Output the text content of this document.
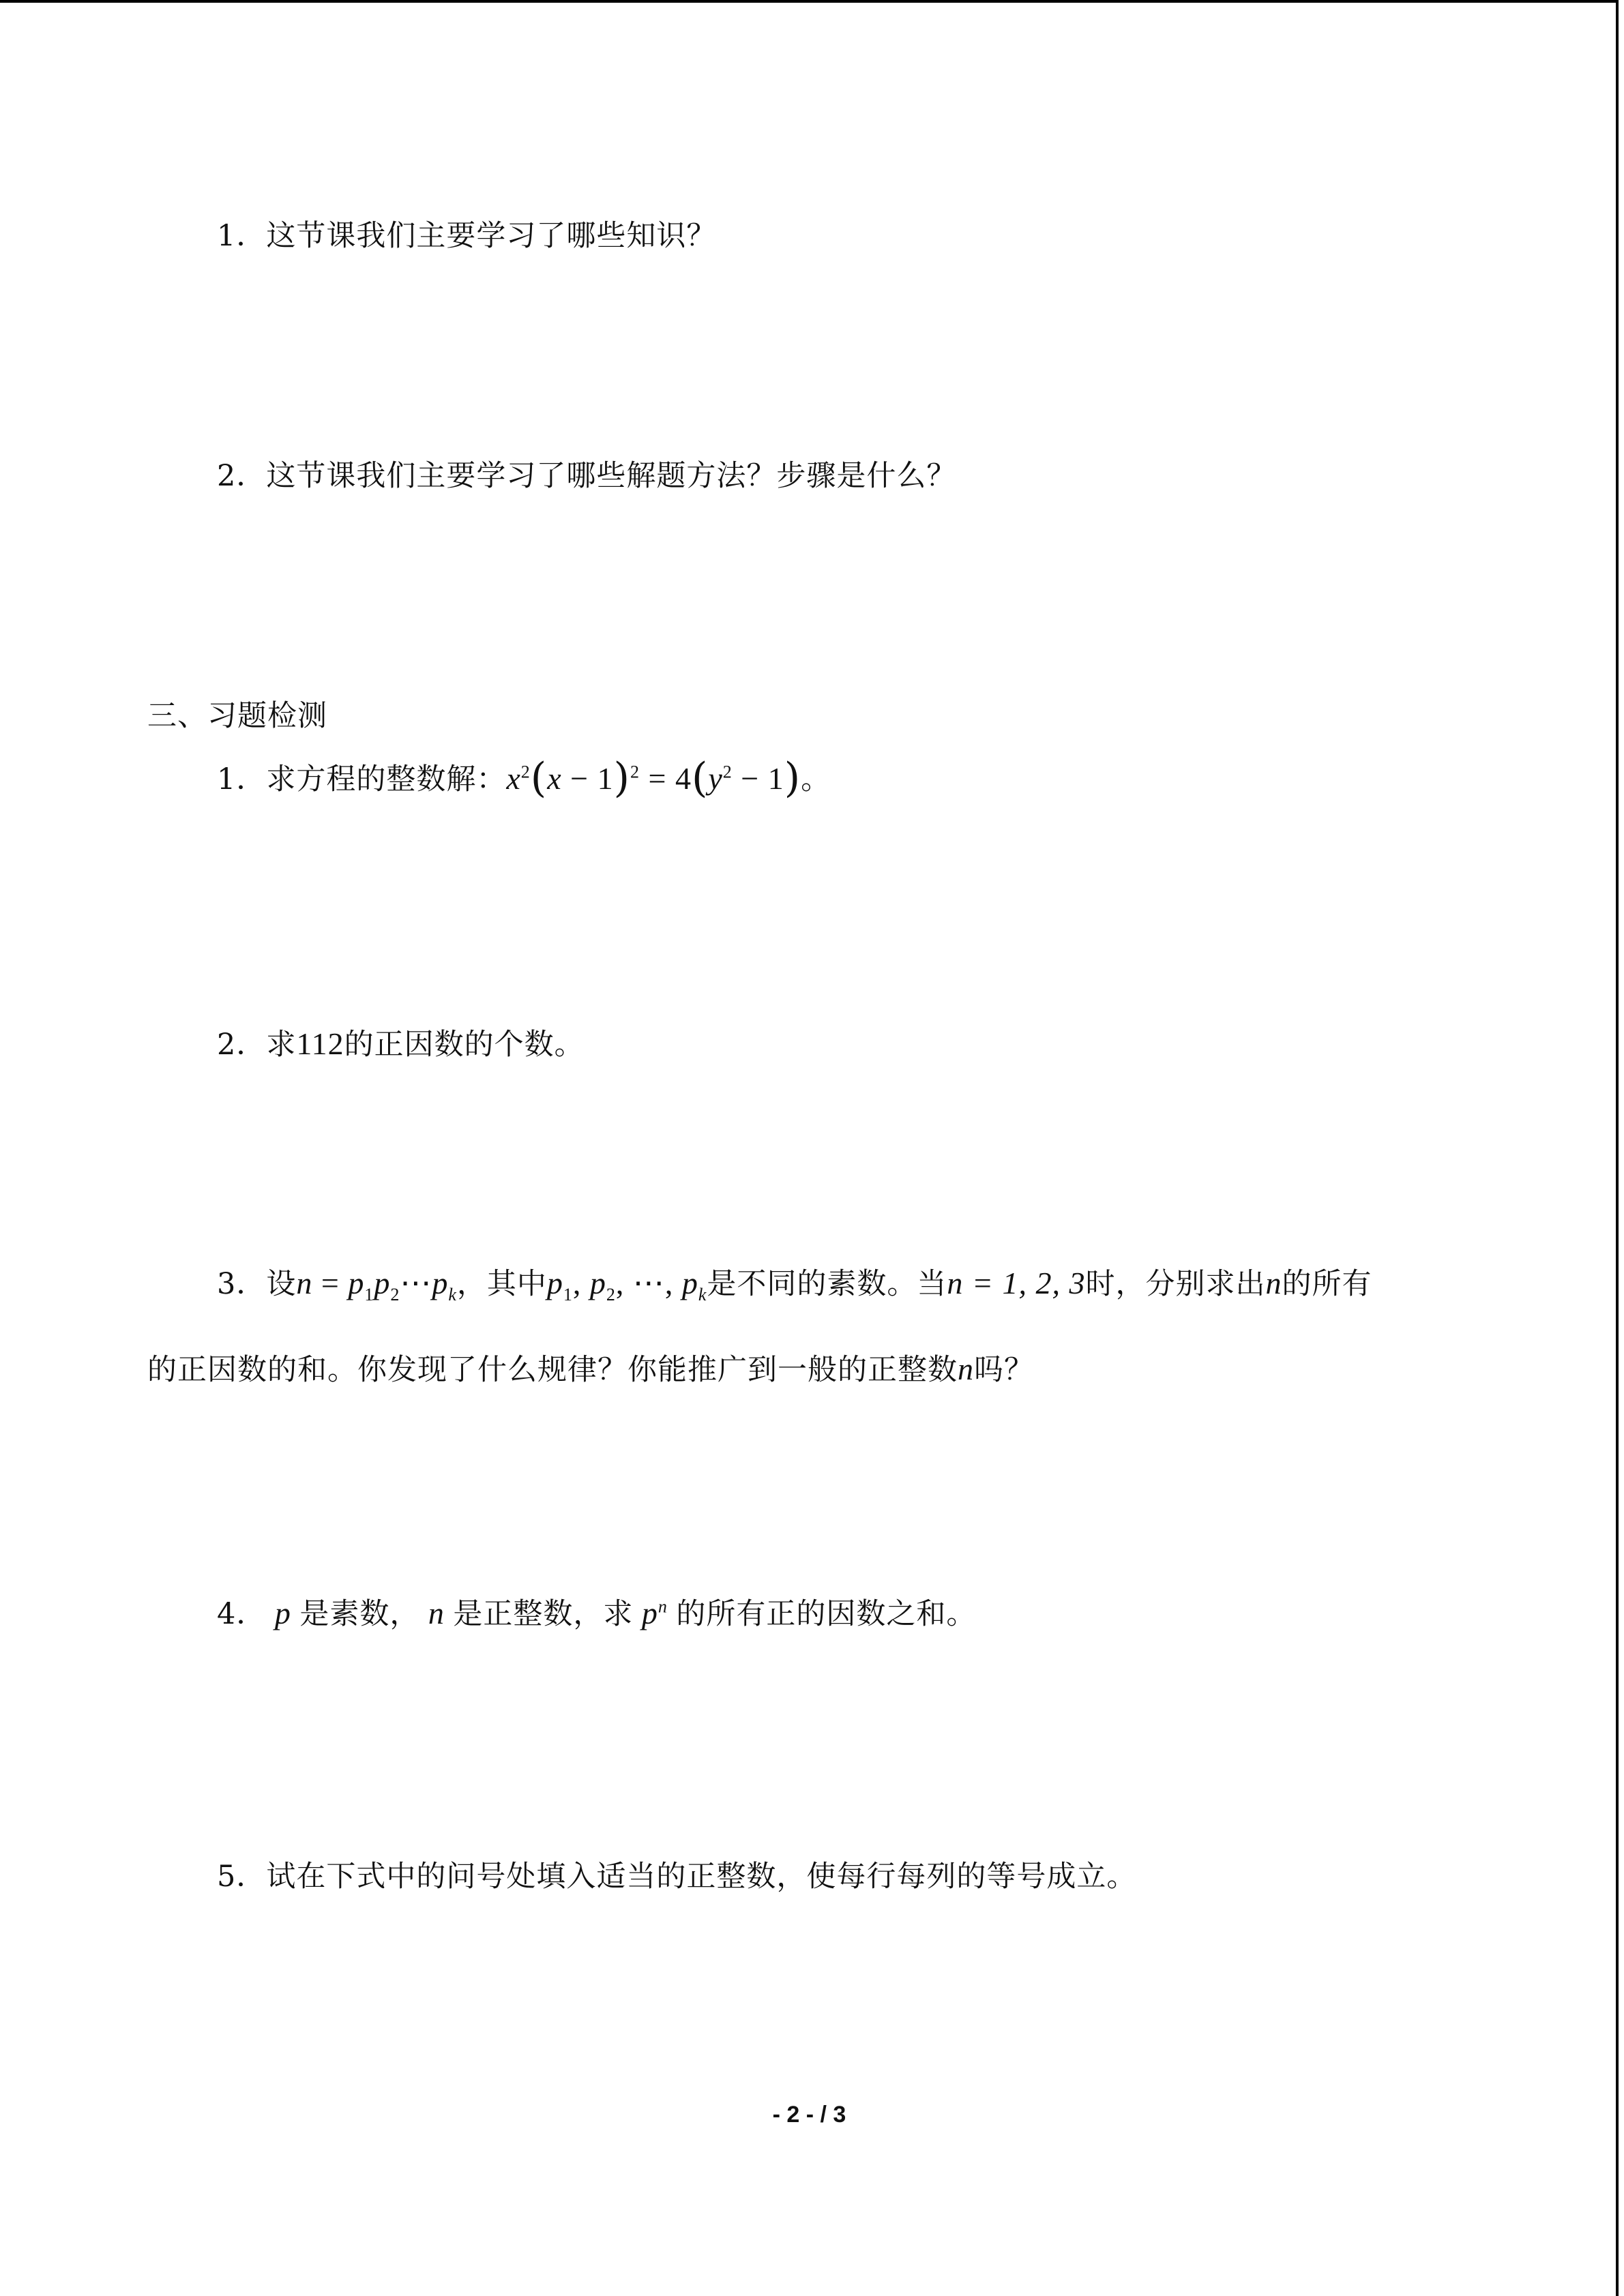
1．这节课我们主要学习了哪些知识？
2．这节课我们主要学习了哪些解题方法？步骤是什么？
三、习题检测
1．求方程的整数解：$x^2(x - 1)^2 = 4(y^2 - 1)$。
2．求112的正因数的个数。
3．设$n = p_1p_2\cdots p_k$，其中$p_1$, $p_2$, ⋯, $p_k$是不同的素数。当n = 1, 2, 3时，分别求出n的所有
的正因数的和。你发现了什么规律？你能推广到一般的正整数n吗？
4． p 是素数， n 是正整数，求 $p^n$ 的所有正的因数之和。
5．试在下式中的问号处填入适当的正整数，使每行每列的等号成立。
- 2 - / 3
